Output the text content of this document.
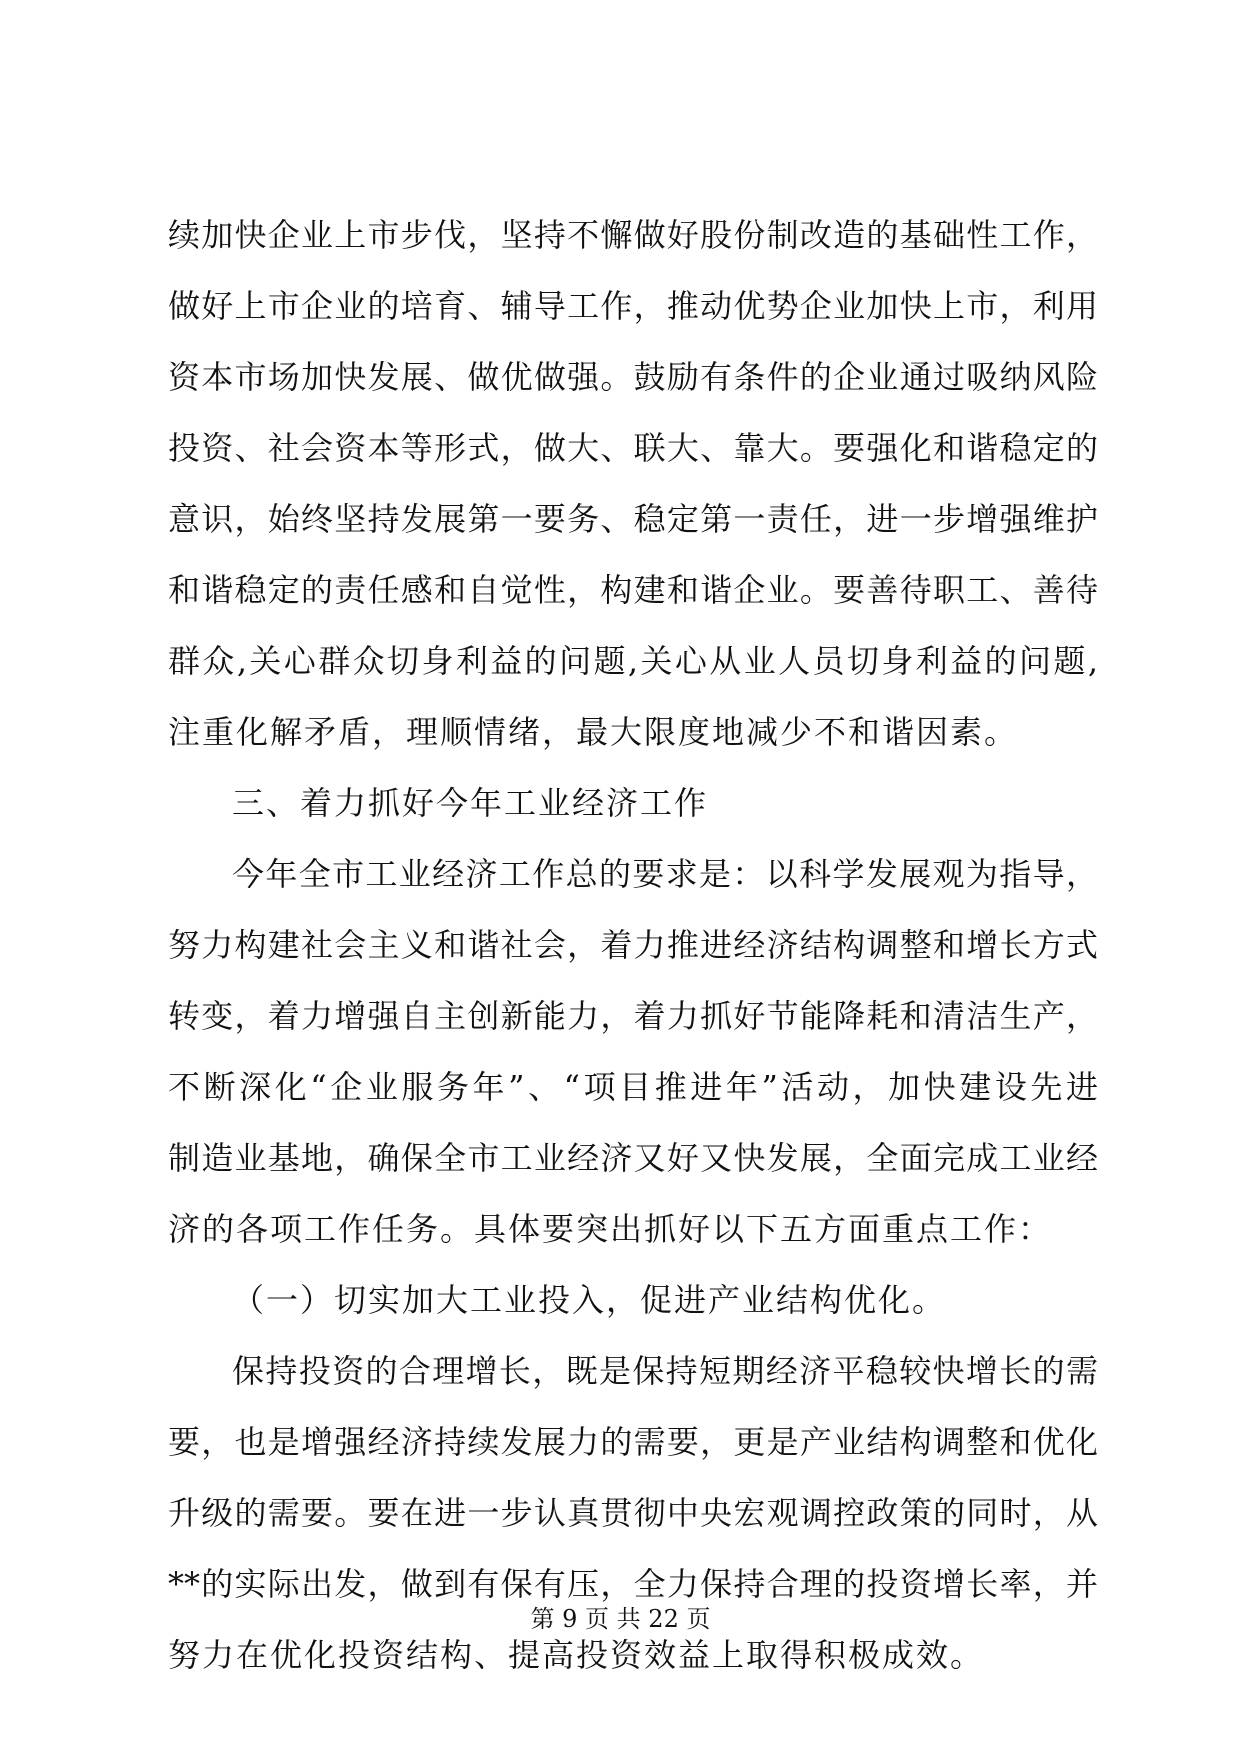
续加快企业上市步伐，坚持不懈做好股份制改造的基础性工作，
做好上市企业的培育、辅导工作，推动优势企业加快上市，利用
资本市场加快发展、做优做强。鼓励有条件的企业通过吸纳风险
投资、社会资本等形式，做大、联大、靠大。要强化和谐稳定的
意识，始终坚持发展第一要务、稳定第一责任，进一步增强维护
和谐稳定的责任感和自觉性，构建和谐企业。要善待职工、善待
群众,关心群众切身利益的问题,关心从业人员切身利益的问题,
注重化解矛盾，理顺情绪，最大限度地减少不和谐因素。
三、着力抓好今年工业经济工作
今年全市工业经济工作总的要求是：以科学发展观为指导，
努力构建社会主义和谐社会，着力推进经济结构调整和增长方式
转变，着力增强自主创新能力，着力抓好节能降耗和清洁生产，
不断深化“企业服务年”、“项目推进年”活动，加快建设先进
制造业基地，确保全市工业经济又好又快发展，全面完成工业经
济的各项工作任务。具体要突出抓好以下五方面重点工作：
（一）切实加大工业投入，促进产业结构优化。
保持投资的合理增长，既是保持短期经济平稳较快增长的需
要，也是增强经济持续发展力的需要，更是产业结构调整和优化
升级的需要。要在进一步认真贯彻中央宏观调控政策的同时，从
**的实际出发，做到有保有压，全力保持合理的投资增长率，并
努力在优化投资结构、提高投资效益上取得积极成效。
第 9 页 共 22 页
